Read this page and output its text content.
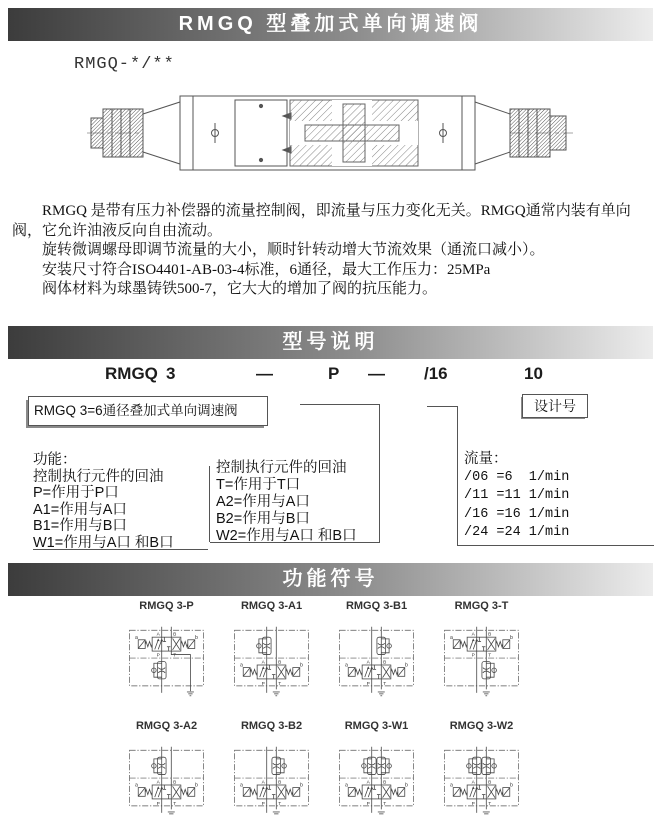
RMGQ 型叠加式单向调速阀
RMGQ-*/**

RMGQ 是带有压力补偿器的流量控制阀，即流量与压力变化无关。RMGQ通常内装有单向阀，它允许油液反向自由流动。

旋转微调螺母即调节流量的大小，顺时针转动增大节流效果（通流口减小）。

安装尺寸符合ISO4401-AB-03-4标准，6通径，最大工作压力：25MPa

阀体材料为球墨铸铁500-7，它大大的增加了阀的抗压能力。

型号说明
RMGQ 3	—	P — /16	10
RMGQ 3=6通径叠加式单向调速阀	设计号
功能：
控制执行元件的回油
P=作用于P口
A1=作用与A口
B1=作用与B口
W1=作用与A口 和B口
控制执行元件的回油
T=作用于T口
A2=作用与A口
B2=作用与B口
W2=作用与A口 和B口
流量：
/06 =6  1/min
/11 =11 1/min
/16 =16 1/min
/24 =24 1/min
功能符号
RMGQ 3-P
a	b
A B
P T
RMGQ 3-A1
a	b
A B
P T
RMGQ 3-B1
a	b
A B
P T
RMGQ 3-T
a	b
A B
P T
RMGQ 3-A2
a	b
A B
P T
RMGQ 3-B2
a	b
A B
P T
RMGQ 3-W1
a	b
A B
P T
RMGQ 3-W2
a	b
A B
P T
